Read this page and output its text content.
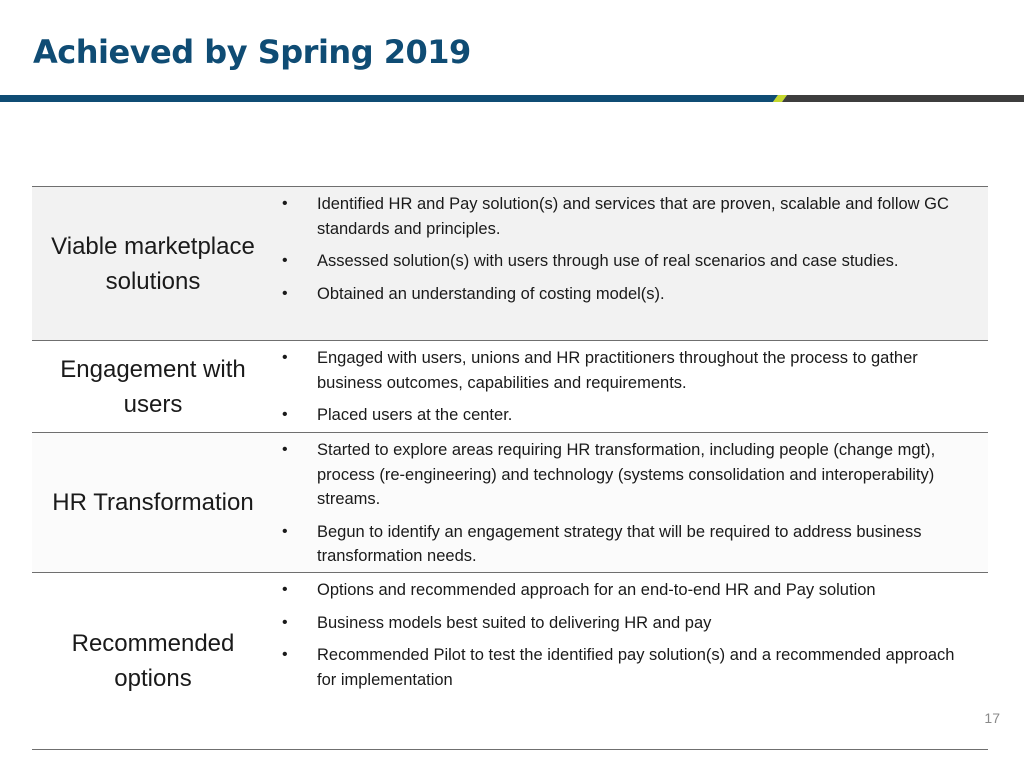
Achieved by Spring 2019
Viable marketplace solutions
• Identified HR and Pay solution(s) and services that are proven, scalable and follow GC standards and principles.
• Assessed solution(s) with users through use of real scenarios and case studies.
• Obtained an understanding of costing model(s).
Engagement with users
• Engaged with users, unions and HR practitioners throughout the process to gather business outcomes, capabilities and requirements.
• Placed users at the center.
HR Transformation
• Started to explore areas requiring HR transformation, including people (change mgt), process (re-engineering) and technology (systems consolidation and interoperability) streams.
• Begun to identify an engagement strategy that will be required to address business transformation needs.
Recommended options
• Options and recommended approach for an end-to-end HR and Pay solution
• Business models best suited to delivering HR and pay
• Recommended Pilot to test the identified pay solution(s) and a recommended approach for implementation
17
